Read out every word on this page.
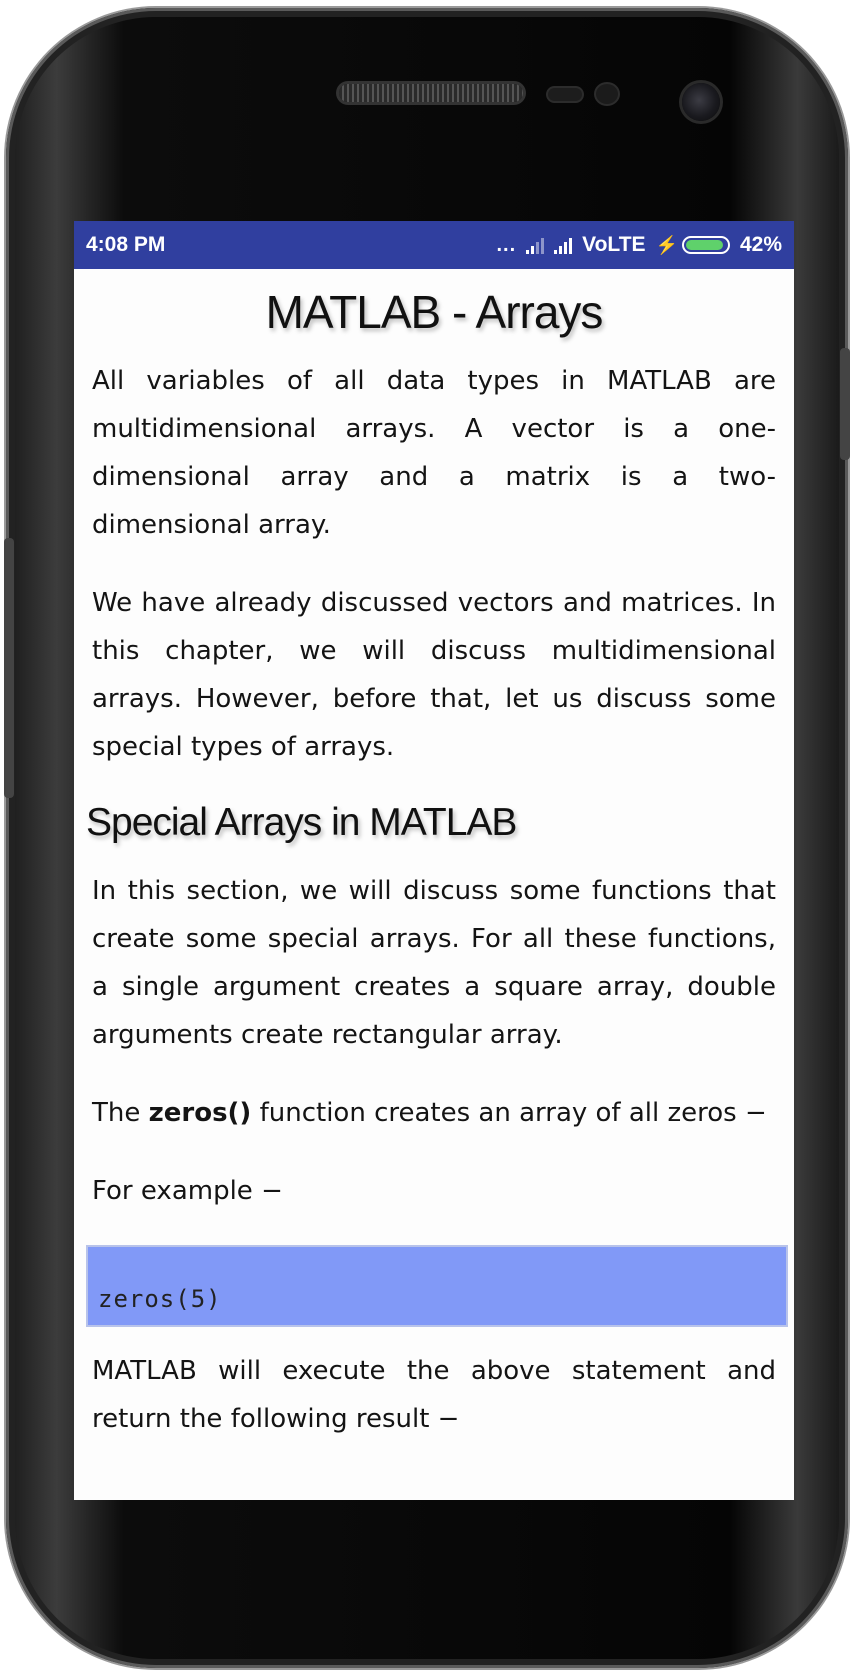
4:08 PM	...	VoLTE ⚡	42%
MATLAB - Arrays

All variables of all data types in MATLAB are multidimensional arrays. A vector is a one-dimensional array and a matrix is a two-dimensional array.

We have already discussed vectors and matrices. In this chapter, we will discuss multidimensional arrays. However, before that, let us discuss some special types of arrays.

Special Arrays in MATLAB

In this section, we will discuss some functions that create some special arrays. For all these functions, a single argument creates a square array, double arguments create rectangular array.

The zeros() function creates an array of all zeros −

For example −

zeros(5)

MATLAB will execute the above statement and return the following result −
